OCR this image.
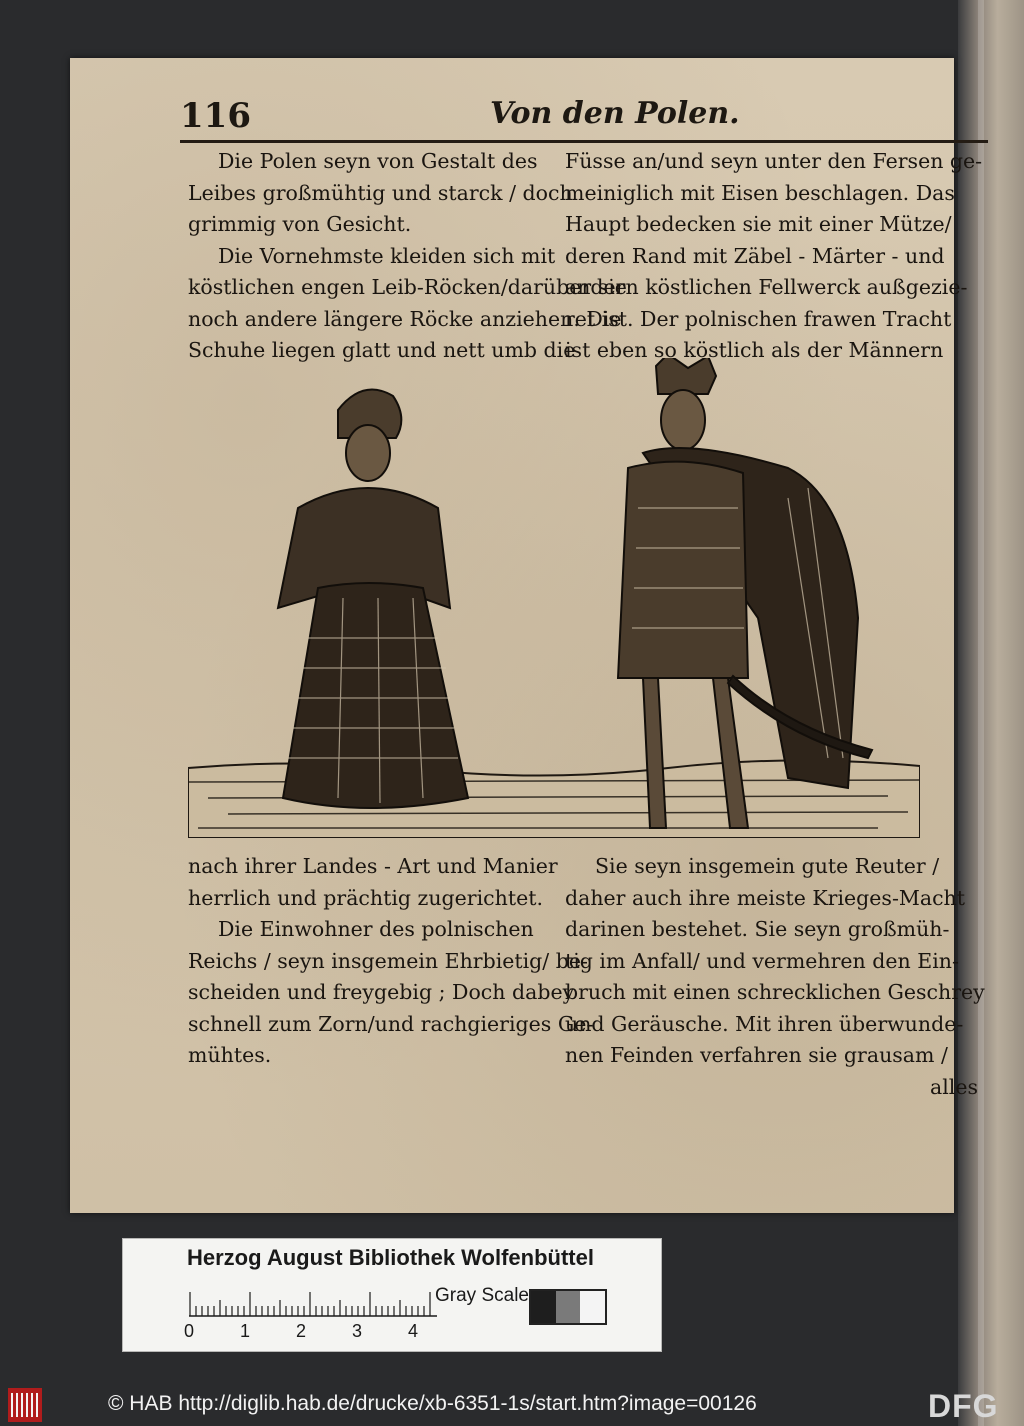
116	Von den Polen.

Die Polen seyn von Gestalt des

Leibes großmühtig und starck / doch

grimmig von Gesicht.

Die Vornehmste kleiden sich mit

köstlichen engen Leib-Röcken/darüber sie

noch andere längere Röcke anziehen. Die

Schuhe liegen glatt und nett umb die

Füsse an/und seyn unter den Fersen ge-

meiniglich mit Eisen beschlagen. Das

Haupt bedecken sie mit einer Mütze/

deren Rand mit Zäbel - Märter - und

andern köstlichen Fellwerck außgezie-

ret ist. Der polnischen frawen Tracht

ist eben so köstlich als der Männern

nach ihrer Landes - Art und Manier

herrlich und prächtig zugerichtet.

Die Einwohner des polnischen

Reichs / seyn insgemein Ehrbietig/ be-

scheiden und freygebig ; Doch dabey

schnell zum Zorn/und rachgieriges Ge-

mühtes.

Sie seyn insgemein gute Reuter /

daher auch ihre meiste Krieges-Macht

darinen bestehet. Sie seyn großmüh-

tig im Anfall/ und vermehren den Ein-

bruch mit einen schrecklichen Geschrey

und Geräusche. Mit ihren überwunde-

nen Feinden verfahren sie grausam /

alles

Herzog August Bibliothek Wolfenbüttel
0	1	2	3	4
Gray Scale
© HAB http://diglib.hab.de/drucke/xb-6351-1s/start.htm?image=00126	DFG
